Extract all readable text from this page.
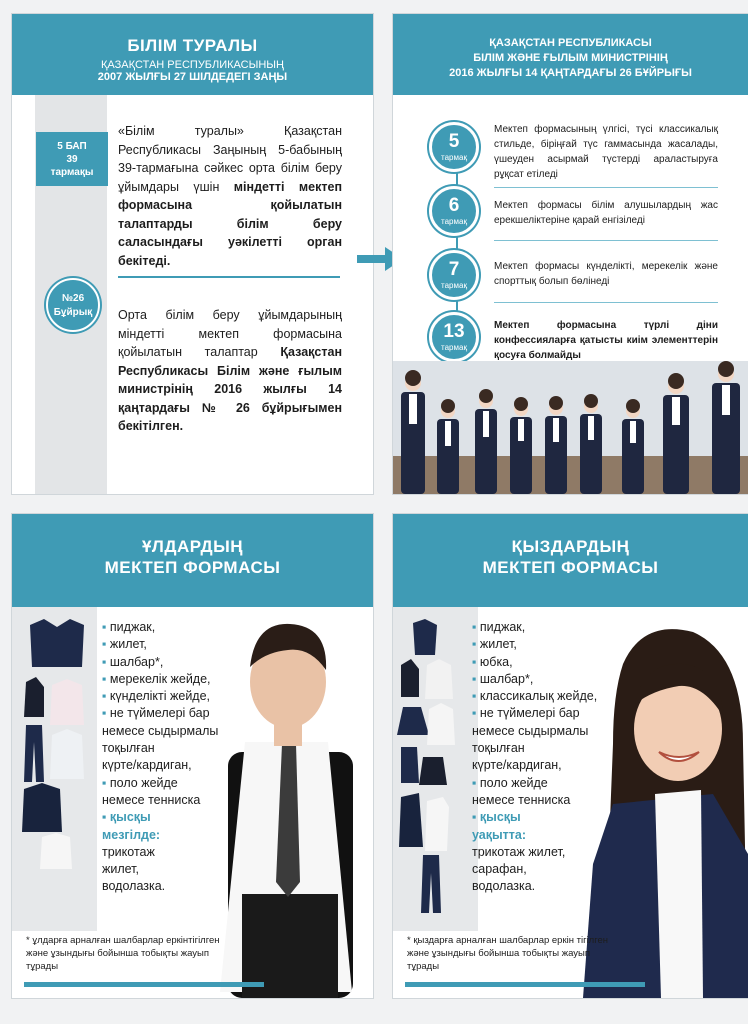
БІЛІМ ТУРАЛЫ
ҚАЗАҚСТАН РЕСПУБЛИКАСЫНЫҢ
2007 ЖЫЛҒЫ 27 ШІЛДЕДЕГІ ЗАҢЫ
5 БАП
39
тармақы
«Білім туралы» Қазақстан Республикасы Заңының 5-бабының 39-тармағына сәйкес орта білім беру ұйымдары үшін міндетті мектеп формасына қойылатын талаптарды білім беру саласындағы уәкілетті орган бекітеді.
№26
Бұйрық	Орта білім беру ұйымдарының міндетті мектеп формасына қойылатын талаптар Қазақстан Республикасы Білім және ғылым министрінің 2016 жылғы 14 қаңтардағы № 26 бұйрығымен бекітілген.
ҚАЗАҚСТАН РЕСПУБЛИКАСЫ
БІЛІМ ЖӘНЕ ҒЫЛЫМ МИНИСТРІНІҢ
2016 ЖЫЛҒЫ 14 ҚАҢТАРДАҒЫ 26 БҰЙРЫҒЫ
5
тармақ
Мектеп формасының үлгісі, түсі классикалық стильде, біріңғай түс гаммасында жасалады, үшеуден асырмай түстерді араластыруға рұқсат етіледі
6
тармақ
Мектеп формасы білім алушылардың жас ерекшеліктеріне қарай енгізіледі
7
тармақ
Мектеп формасы күнделікті, мерекелік және спорттық болып бөлінеді
13
тармақ
Мектеп формасына түрлі діни конфессияларға қатысты киім элементтерін қосуға болмайды
ҰЛДАРДЫҢ
МЕКТЕП ФОРМАСЫ
▪ пиджак,
▪ жилет,
▪ шалбар*,
▪ мерекелік жейде,
▪ күнделікті жейде,
▪ не түймелері бар
немесе сыдырмалы
тоқылған
күрте/кардиган,
▪ поло жейде
немесе тенниска
▪ қысқы
мезгілде:
трикотаж
жилет,
водолазка.
* ұлдарға арналған шалбарлар еркінтігілген және ұзындығы бойынша тобықты жауып тұрады
ҚЫЗДАРДЫҢ
МЕКТЕП ФОРМАСЫ
▪ пиджак,
▪ жилет,
▪ юбка,
▪ шалбар*,
▪ классикалық жейде,
▪ не түймелері бар
немесе сыдырмалы
тоқылған
күрте/кардиган,
▪ поло жейде
немесе тенниска
▪ қысқы
уақытта:
трикотаж жилет,
сарафан,
водолазка.
* қыздарға арналған шалбарлар еркін тігілген және ұзындығы бойынша тобықты жауып тұрады
